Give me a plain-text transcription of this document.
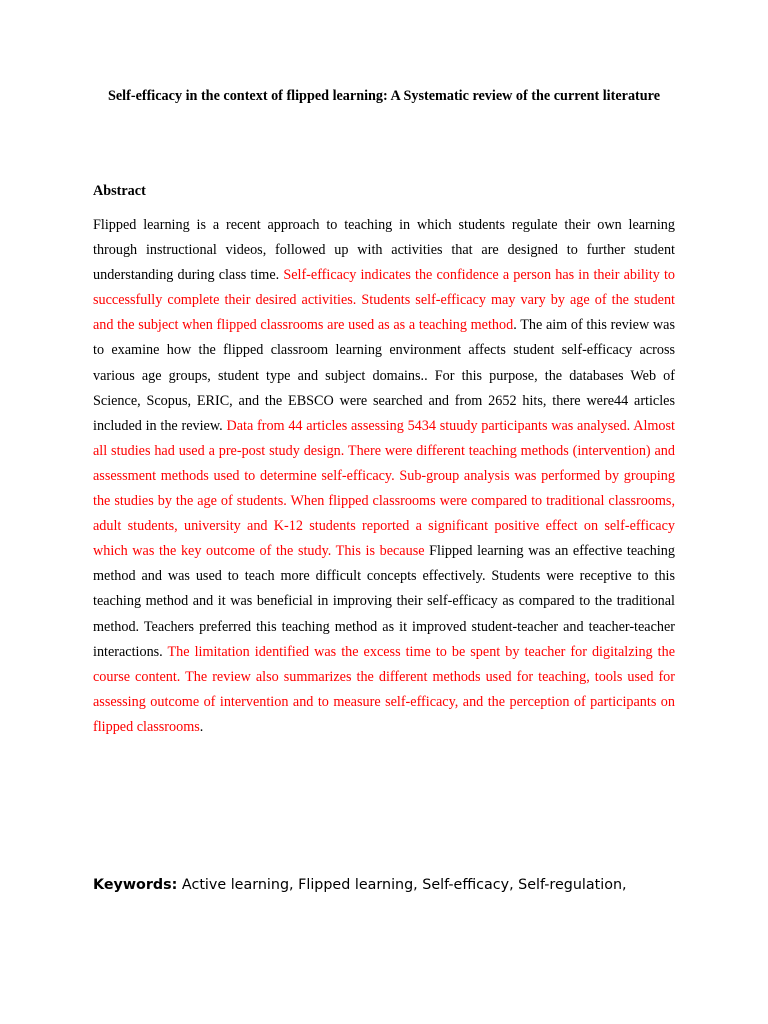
Self-efficacy in the context of flipped learning: A Systematic review of the current literature
Abstract
Flipped learning is a recent approach to teaching in which students regulate their own learning through instructional videos, followed up with activities that are designed to further student understanding during class time. Self-efficacy indicates the confidence a person has in their ability to successfully complete their desired activities. Students self-efficacy may vary by age of the student and the subject when flipped classrooms are used as as a teaching method. The aim of this review was to examine how the flipped classroom learning environment affects student self-efficacy across various age groups, student type and subject domains.. For this purpose, the databases Web of Science, Scopus, ERIC, and the EBSCO were searched and from 2652 hits, there were44 articles included in the review. Data from 44 articles assessing 5434 stuudy participants was analysed. Almost all studies had used a pre-post study design. There were different teaching methods (intervention) and assessment methods used to determine self-efficacy. Sub-group analysis was performed by grouping the studies by the age of students. When flipped classrooms were compared to traditional classrooms, adult students, university and K-12 students reported a significant positive effect on self-efficacy which was the key outcome of the study. This is because Flipped learning was an effective teaching method and was used to teach more difficult concepts effectively. Students were receptive to this teaching method and it was beneficial in improving their self-efficacy as compared to the traditional method. Teachers preferred this teaching method as it improved student-teacher and teacher-teacher interactions. The limitation identified was the excess time to be spent by teacher for digitalzing the course content. The review also summarizes the different methods used for teaching, tools used for assessing outcome of intervention and to measure self-efficacy, and the perception of participants on flipped classrooms.
Keywords: Active learning, Flipped learning, Self-efficacy, Self-regulation,
